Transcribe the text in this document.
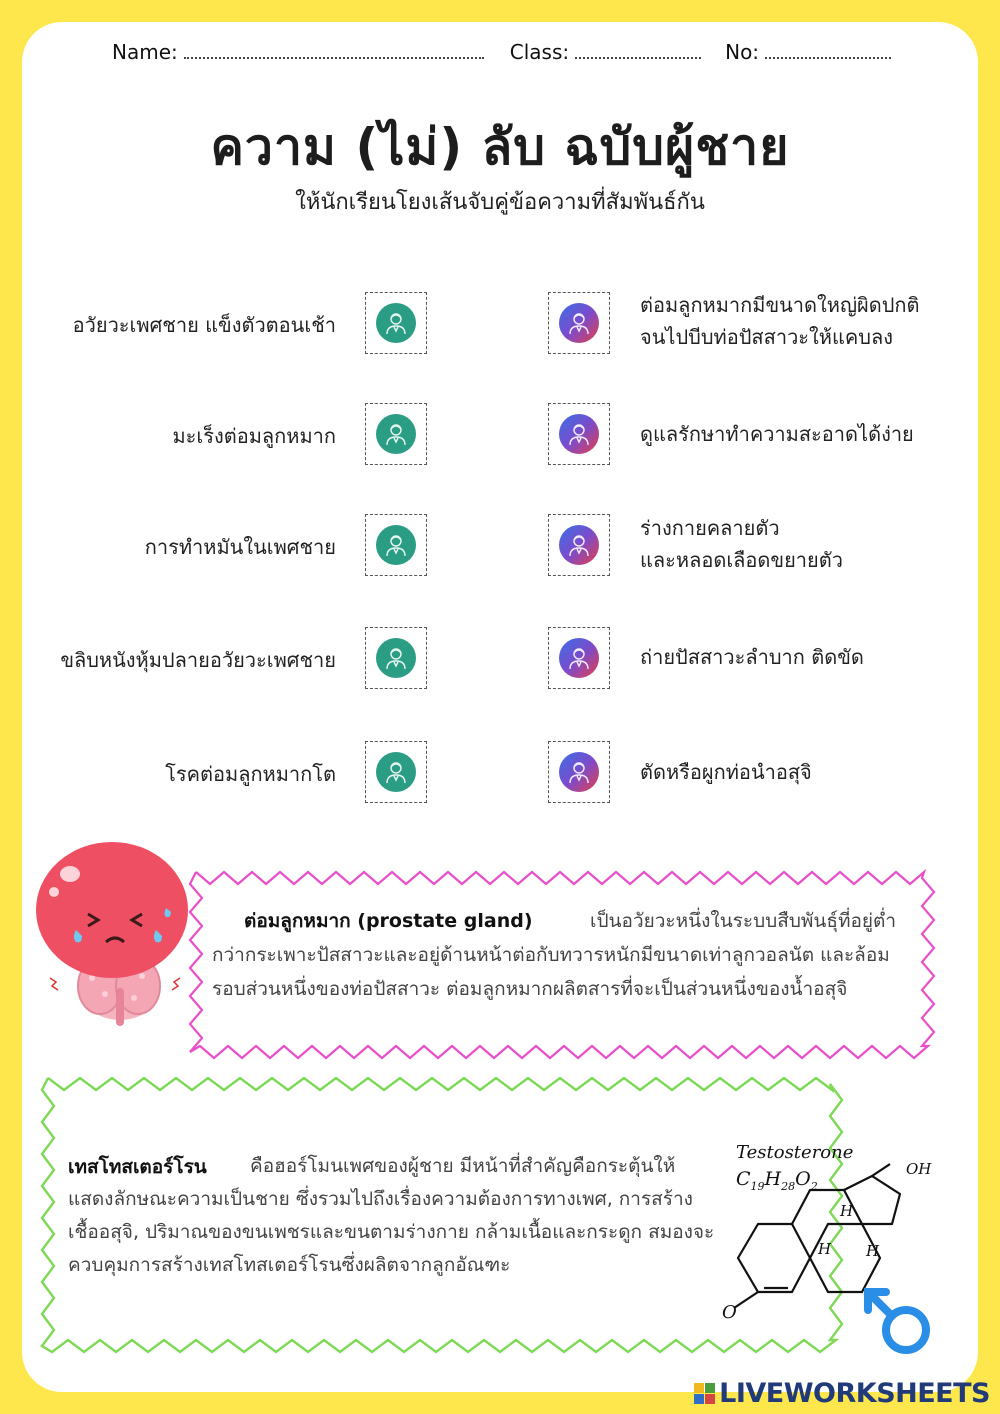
Name:	Class:	No:
ความ (ไม่) ลับ ฉบับผู้ชาย
ให้นักเรียนโยงเส้นจับคู่ข้อความที่สัมพันธ์กัน
อวัยวะเพศชาย แข็งตัวตอนเช้า
มะเร็งต่อมลูกหมาก
การทำหมันในเพศชาย
ขลิบหนังหุ้มปลายอวัยวะเพศชาย
โรคต่อมลูกหมากโต
ต่อมลูกหมากมีขนาดใหญ่ผิดปกติ
จนไปบีบท่อปัสสาวะให้แคบลง
ดูแลรักษาทำความสะอาดได้ง่าย
ร่างกายคลายตัว
และหลอดเลือดขยายตัว
ถ่ายปัสสาวะลำบาก ติดขัด
ตัดหรือผูกท่อนำอสุจิ
ต่อมลูกหมาก (prostate gland)	เป็นอวัยวะหนึ่งในระบบสืบพันธุ์ที่อยู่ต่ำกว่ากระเพาะปัสสาวะและอยู่ด้านหน้าต่อกับทวารหนักมีขนาดเท่าลูกวอลนัต และล้อมรอบส่วนหนึ่งของท่อปัสสาวะ ต่อมลูกหมากผลิตสารที่จะเป็นส่วนหนึ่งของน้ำอสุจิ
เทสโทสเตอร์โรน	คือฮอร์โมนเพศของผู้ชาย มีหน้าที่สำคัญคือกระตุ้นให้แสดงลักษณะความเป็นชาย ซึ่งรวมไปถึงเรื่องความต้องการทางเพศ, การสร้างเชื้ออสุจิ, ปริมาณของขนเพชรและขนตามร่างกาย กล้ามเนื้อและกระดูก สมองจะควบคุมการสร้างเทสโทสเตอร์โรนซึ่งผลิตจากลูกอัณฑะ
Testosterone
$C_{19}H_{28}O_2$
O
OH
H
H H
LIVEWORKSHEETS
